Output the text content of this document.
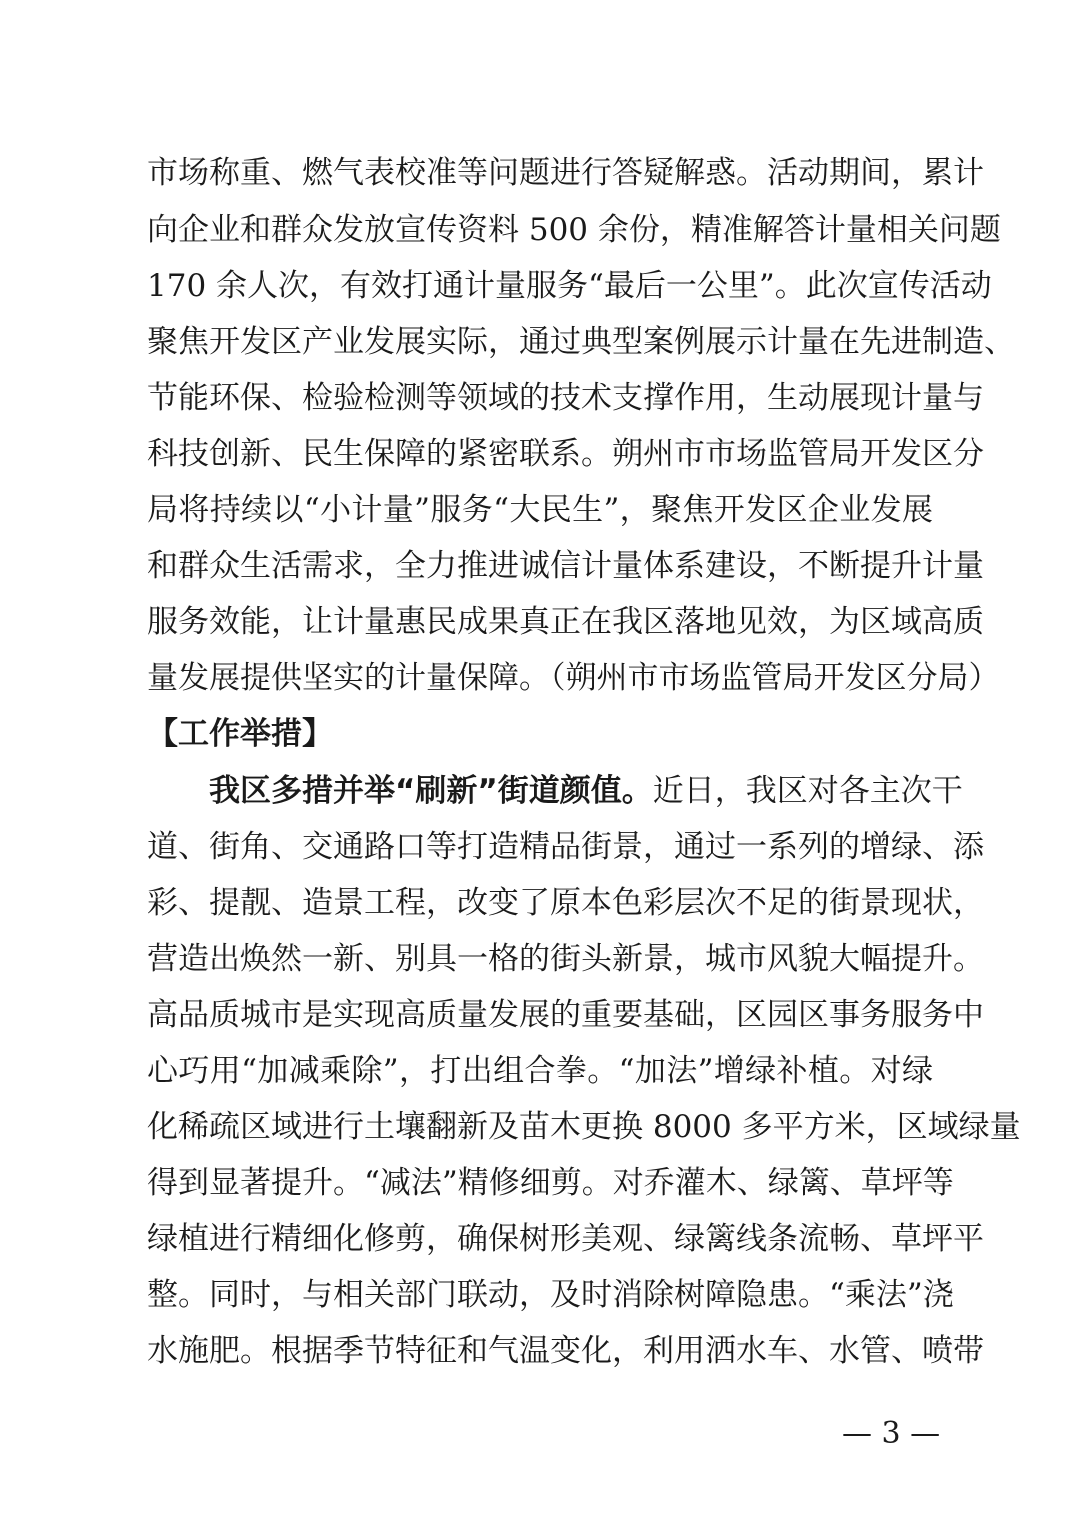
市场称重、燃气表校准等问题进行答疑解惑。活动期间，累计
向企业和群众发放宣传资料 500 余份，精准解答计量相关问题
170 余人次，有效打通计量服务“最后一公里”。此次宣传活动
聚焦开发区产业发展实际，通过典型案例展示计量在先进制造、
节能环保、检验检测等领域的技术支撑作用，生动展现计量与
科技创新、民生保障的紧密联系。朔州市市场监管局开发区分
局将持续以“小计量”服务“大民生”，聚焦开发区企业发展
和群众生活需求，全力推进诚信计量体系建设，不断提升计量
服务效能，让计量惠民成果真正在我区落地见效，为区域高质
量发展提供坚实的计量保障。（朔州市市场监管局开发区分局）
【工作举措】
我区多措并举“刷新”街道颜值。近日，我区对各主次干
道、街角、交通路口等打造精品街景，通过一系列的增绿、添
彩、提靓、造景工程，改变了原本色彩层次不足的街景现状，
营造出焕然一新、别具一格的街头新景，城市风貌大幅提升。
高品质城市是实现高质量发展的重要基础，区园区事务服务中
心巧用“加减乘除”，打出组合拳。“加法”增绿补植。对绿
化稀疏区域进行土壤翻新及苗木更换 8000 多平方米，区域绿量
得到显著提升。“减法”精修细剪。对乔灌木、绿篱、草坪等
绿植进行精细化修剪，确保树形美观、绿篱线条流畅、草坪平
整。同时，与相关部门联动，及时消除树障隐患。“乘法”浇
水施肥。根据季节特征和气温变化，利用洒水车、水管、喷带
— 3 —
